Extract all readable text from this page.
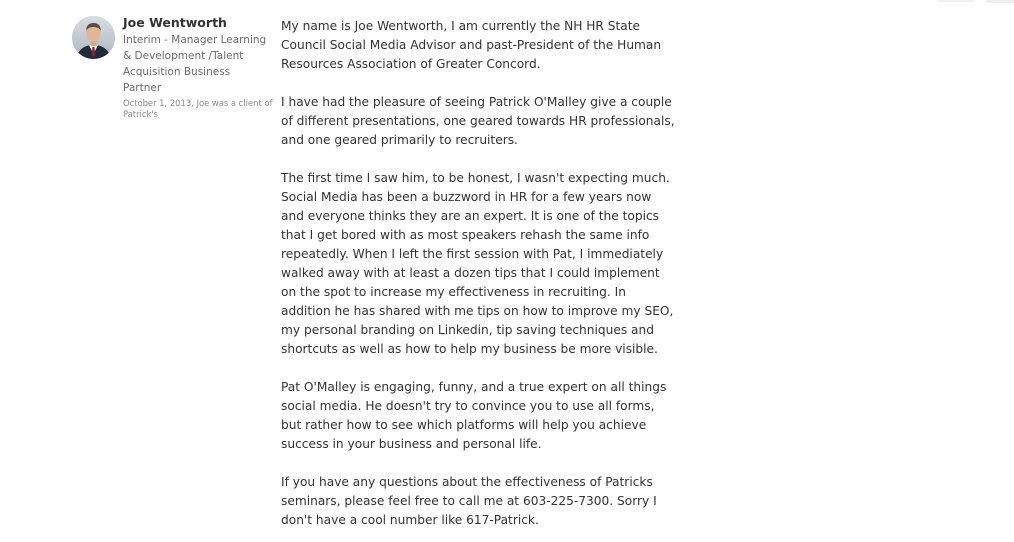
Joe Wentworth
Interim - Manager Learning & Development /Talent Acquisition Business Partner
October 1, 2013, Joe was a client of Patrick's

My name is Joe Wentworth, I am currently the NH HR State Council Social Media Advisor and past-President of the Human Resources Association of Greater Concord.

I have had the pleasure of seeing Patrick O'Malley give a couple of different presentations, one geared towards HR professionals, and one geared primarily to recruiters.

The first time I saw him, to be honest, I wasn't expecting much. Social Media has been a buzzword in HR for a few years now and everyone thinks they are an expert. It is one of the topics that I get bored with as most speakers rehash the same info repeatedly. When I left the first session with Pat, I immediately walked away with at least a dozen tips that I could implement on the spot to increase my effectiveness in recruiting. In addition he has shared with me tips on how to improve my SEO, my personal branding on Linkedin, tip saving techniques and shortcuts as well as how to help my business be more visible.

Pat O'Malley is engaging, funny, and a true expert on all things social media. He doesn't try to convince you to use all forms, but rather how to see which platforms will help you achieve success in your business and personal life.

If you have any questions about the effectiveness of Patricks seminars, please feel free to call me at 603-225-7300. Sorry I don't have a cool number like 617-Patrick.
